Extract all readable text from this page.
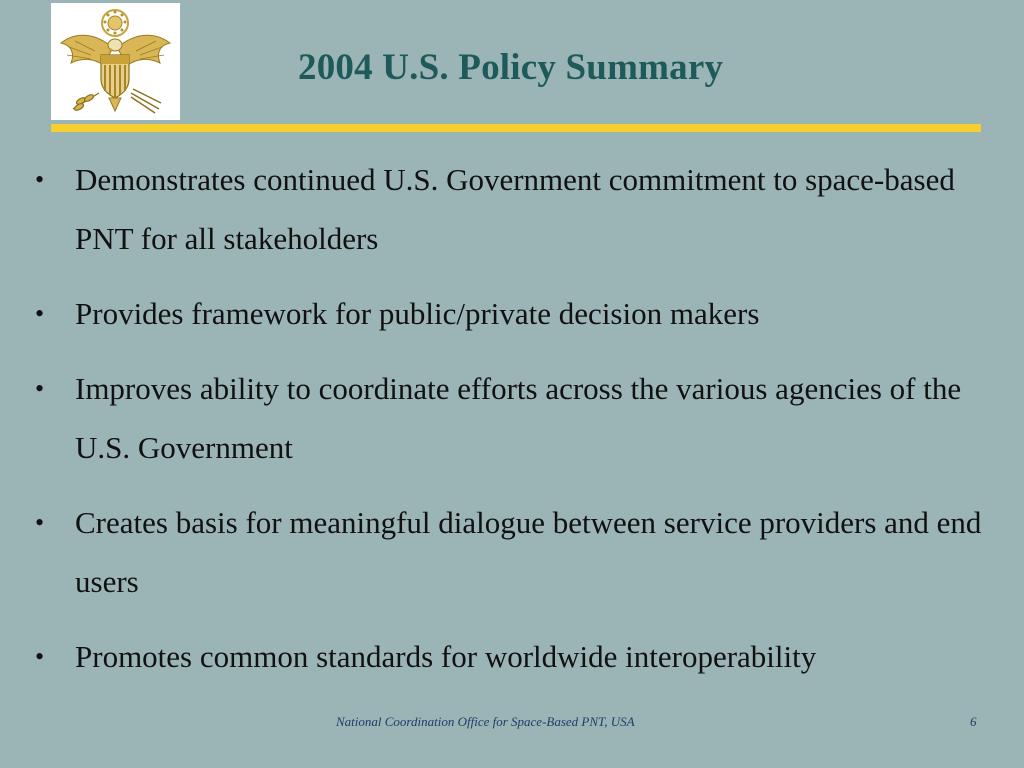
2004 U.S. Policy Summary
• Demonstrates continued U.S. Government commitment to space-based PNT for all stakeholders
• Provides framework for public/private decision makers
• Improves ability to coordinate efforts across the various agencies of the U.S. Government
• Creates basis for meaningful dialogue between service providers and end users
• Promotes common standards for worldwide interoperability
National Coordination Office for Space-Based PNT, USA	6
